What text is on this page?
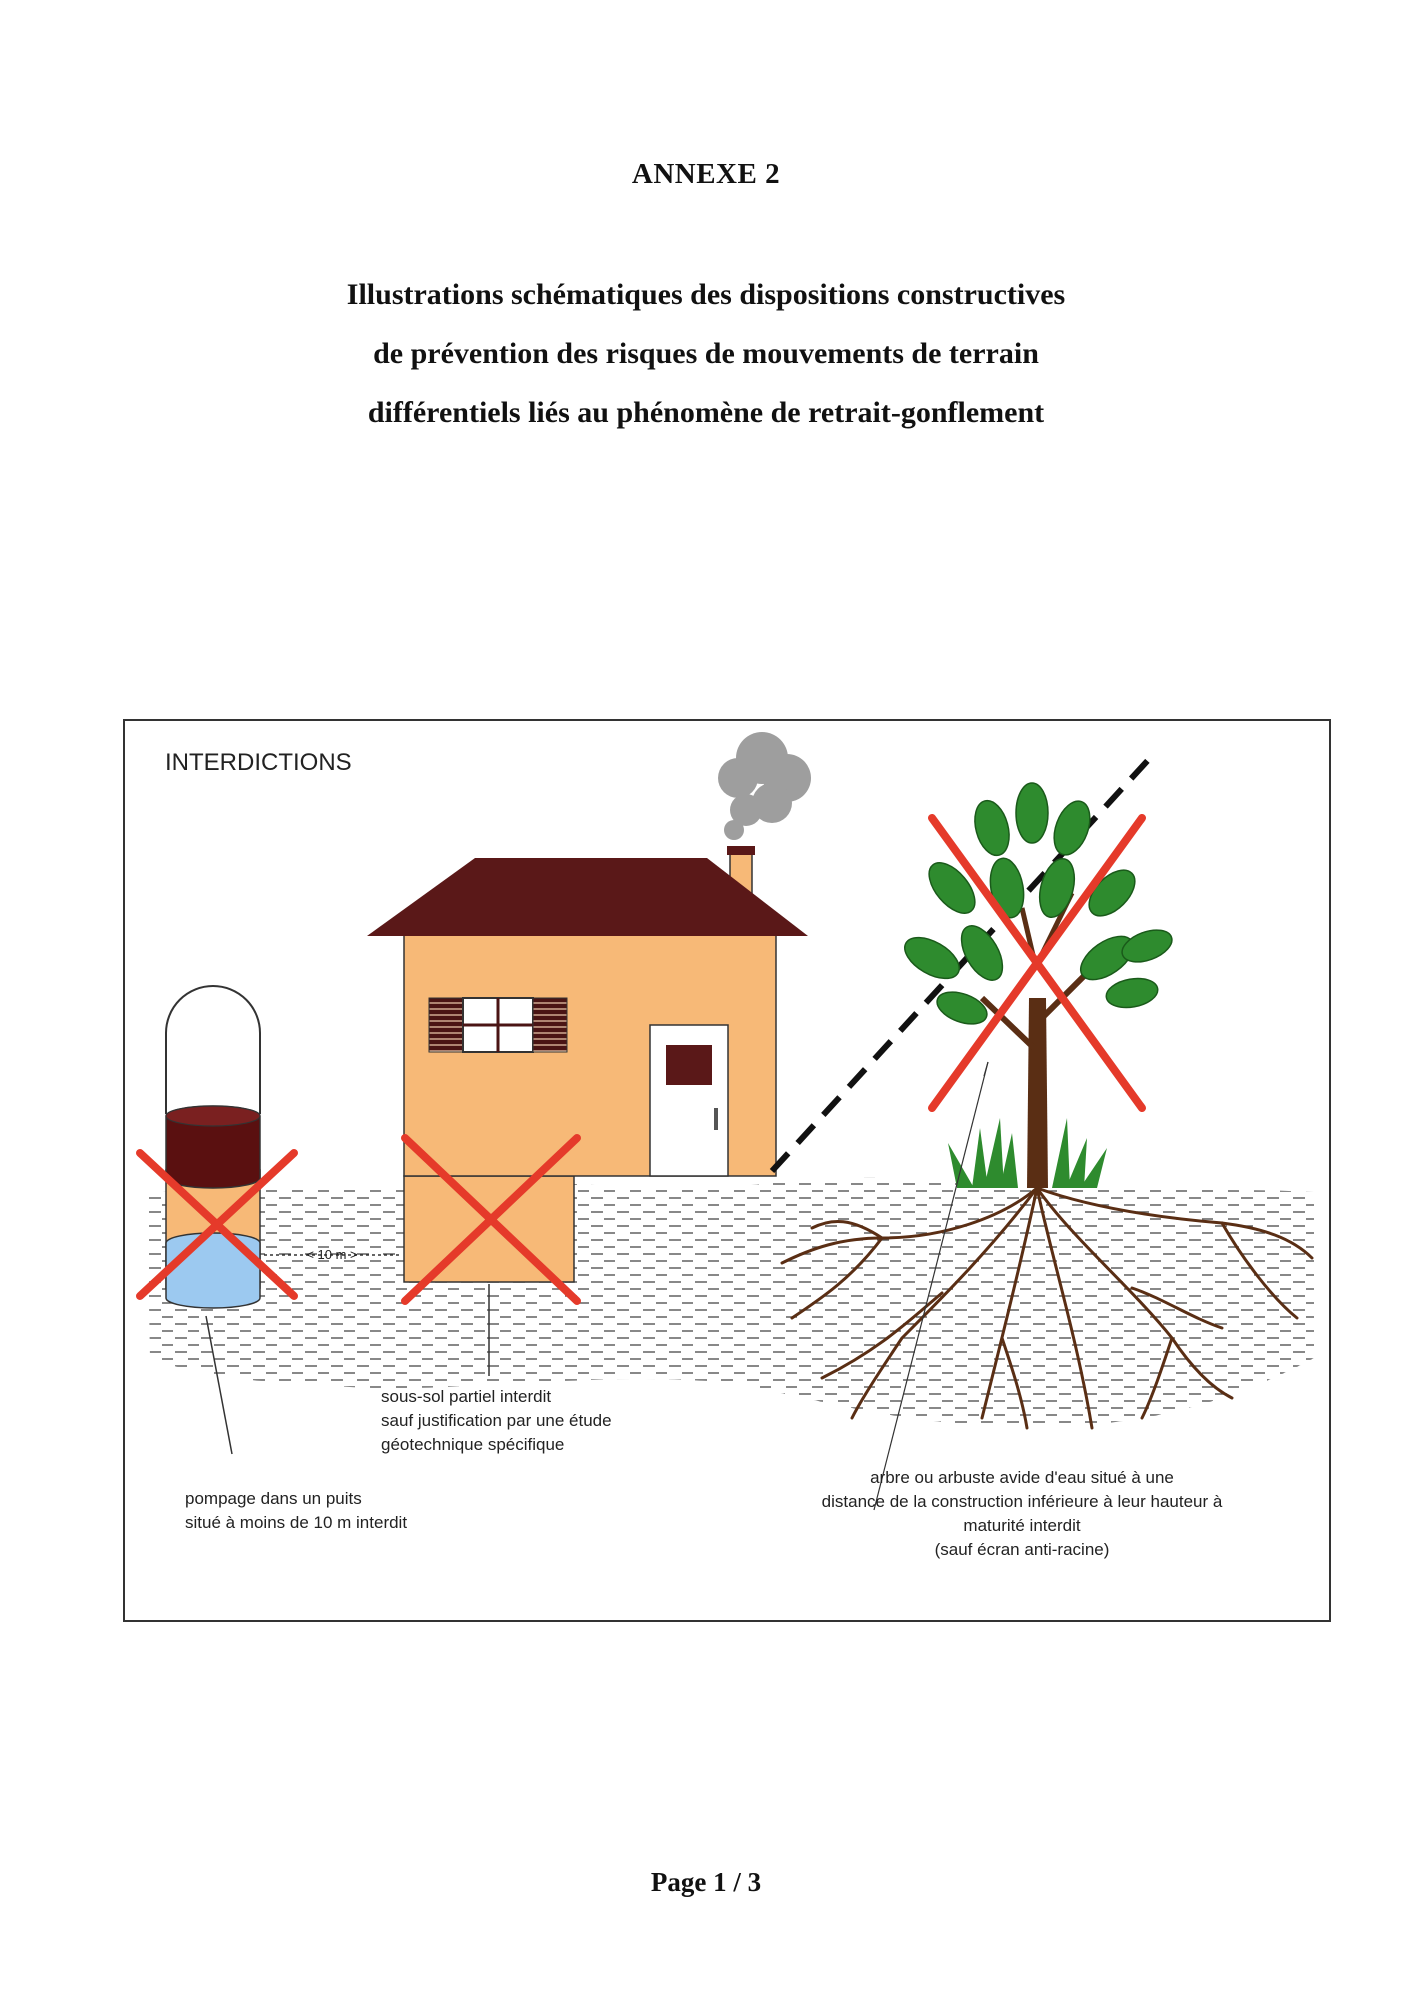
ANNEXE 2
Illustrations schématiques des dispositions constructives
de prévention des risques de mouvements de terrain
différentiels liés au phénomène de retrait-gonflement
INTERDICTIONS
< 10 m >
sous-sol partiel interdit
sauf justification par une étude
géotechnique spécifique
pompage dans un puits
situé à moins de 10 m interdit
arbre ou arbuste avide d'eau situé à une
distance de la construction inférieure à leur hauteur à
maturité interdit
(sauf écran anti-racine)
Page 1 / 3
